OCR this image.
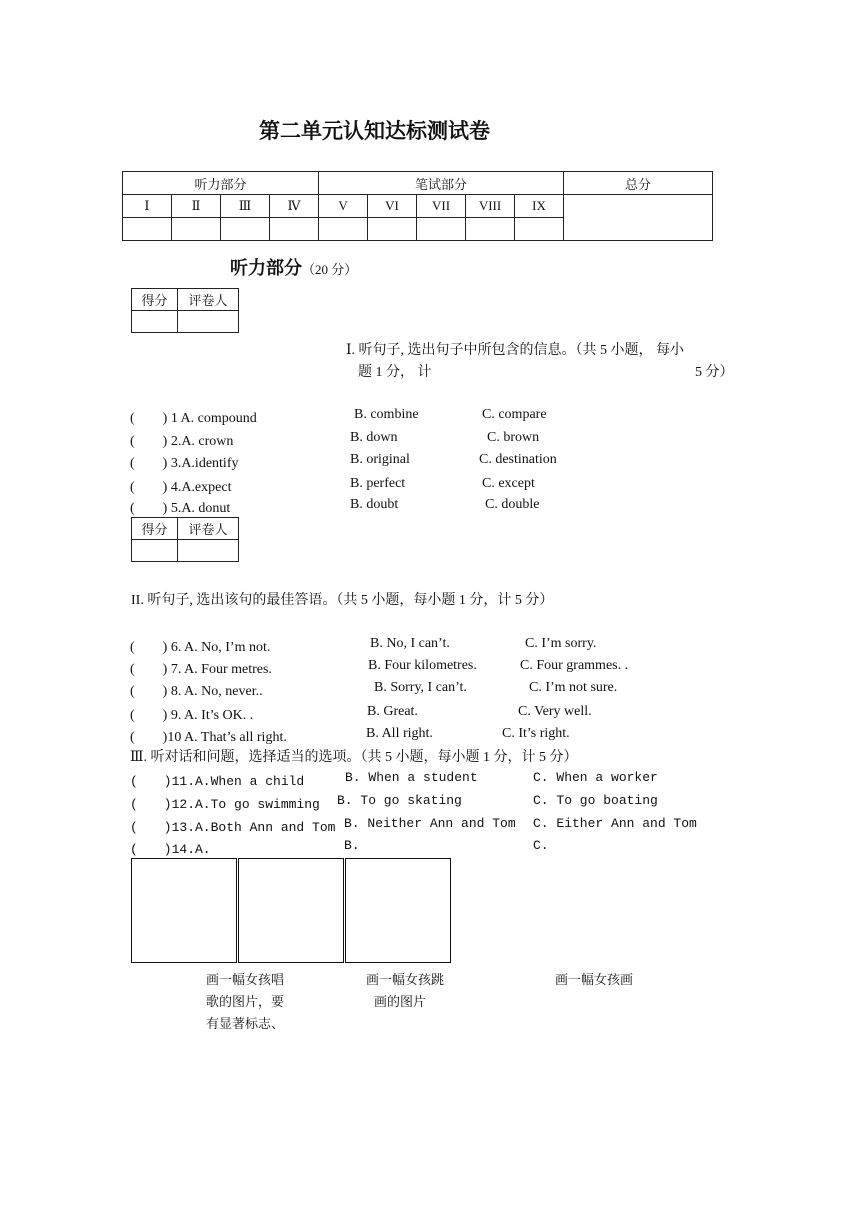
第二单元认知达标测试卷
听力部分				笔试部分					总分
Ⅰ	Ⅱ	Ⅲ	Ⅳ	V	VI	VII	VIII	IX	

听力部分（20 分）
得分	评卷人

Ⅰ. 听句子, 选出句子中所包含的信息。（共 5 小题， 每小
题 1 分， 计	5 分）
(　　) 1 A. compound	B. combine	C. compare
(　　) 2.A. crown	B. down	C. brown
(　　) 3.A.identify	B. original	C. destination
(　　) 4.A.expect	B. perfect	C. except
(　　) 5.A. donut	B. doubt	C. double
得分	评卷人

II. 听句子, 选出该句的最佳答语。（共 5 小题，每小题 1 分，计 5 分）
(　　) 6. A. No, I’m not.	B. No, I can’t.	C. I’m sorry.
(　　) 7. A. Four metres.	B. Four kilometres.	C. Four grammes. .
(　　) 8. A. No, never..	B. Sorry, I can’t.	C. I’m not sure.
(　　) 9. A. It’s OK. .	B. Great.	C. Very well.
(　　)10 A. That’s all right.	B. All right.	C. It’s right.
Ⅲ. 听对话和问题，选择适当的选项。（共 5 小题，每小题 1 分，计 5 分）
(　　)11.A.When a child	B. When a student	C. When a worker
(　　)12.A.To go swimming B. To go skating	C. To go boating
(　　)13.A.Both Ann and Tom B. Neither Ann and Tom C. Either Ann and Tom
(　　)14.A.	B.	C.
画一幅女孩唱
歌的图片，要
有显著标志、
画一幅女孩跳
画的图片
画一幅女孩画
